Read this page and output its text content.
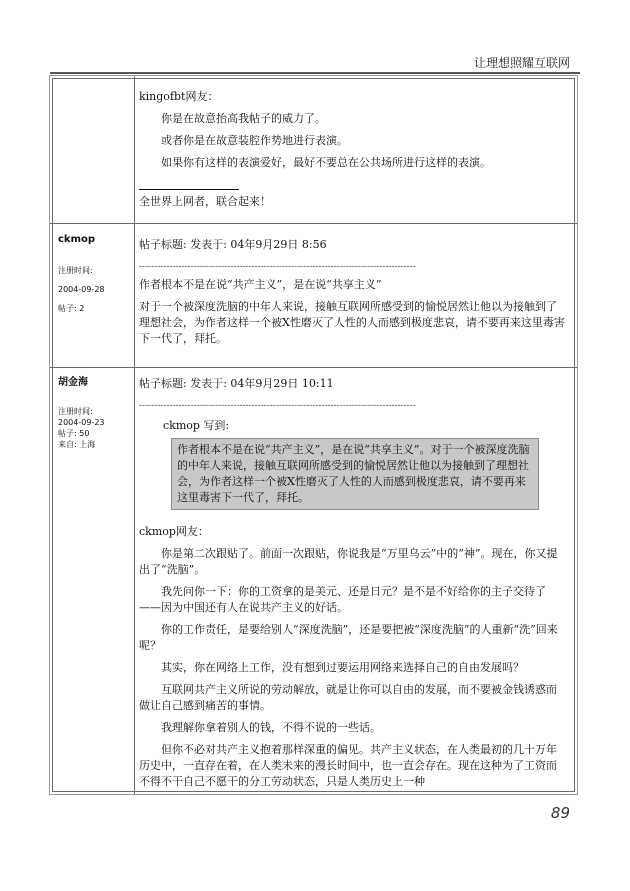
让理想照耀互联网

kingofbt网友：

你是在故意抬高我帖子的威力了。

或者你是在故意装腔作势地进行表演。

如果你有这样的表演爱好，最好不要总在公共场所进行这样的表演。

全世界上网者，联合起来！

ckmop
注册时间:
2004-09-28
帖子: 2

帖子标题: 发表于: 04年9月29日 8:56

-------------------------------------------------------------------------------------------

作者根本不是在说“共产主义”，是在说“共享主义”

对于一个被深度洗脑的中年人来说，接触互联网所感受到的愉悦居然让他以为接触到了理想社会，为作者这样一个被X性磨灭了人性的人而感到极度悲哀，请不要再来这里毒害下一代了，拜托。

胡金海
注册时间:
2004-09-23
帖子: 50
来自: 上海

帖子标题: 发表于: 04年9月29日 10:11

-------------------------------------------------------------------------------------------

ckmop 写到:

作者根本不是在说“共产主义”，是在说“共享主义”。对于一个被深度洗脑的中年人来说，接触互联网所感受到的愉悦居然让他以为接触到了理想社会，为作者这样一个被X性磨灭了人性的人而感到极度悲哀，请不要再来这里毒害下一代了，拜托。

ckmop网友：

你是第二次跟贴了。前面一次跟贴，你说我是“万里乌云”中的“神”。现在，你又提出了“洗脑”。

我先问你一下：你的工资拿的是美元、还是日元？是不是不好给你的主子交待了——因为中国还有人在说共产主义的好话。

你的工作责任，是要给别人“深度洗脑”，还是要把被“深度洗脑”的人重新“洗”回来呢？

其实，你在网络上工作，没有想到过要运用网络来选择自己的自由发展吗？

互联网共产主义所说的劳动解放，就是让你可以自由的发展，而不要被金钱诱惑而做让自己感到痛苦的事情。

我理解你拿着别人的钱，不得不说的一些话。

但你不必对共产主义抱着那样深重的偏见。共产主义状态，在人类最初的几十万年历史中，一直存在着，在人类未来的漫长时间中，也一直会存在。现在这种为了工资而不得不干自己不愿干的分工劳动状态，只是人类历史上一种

89
